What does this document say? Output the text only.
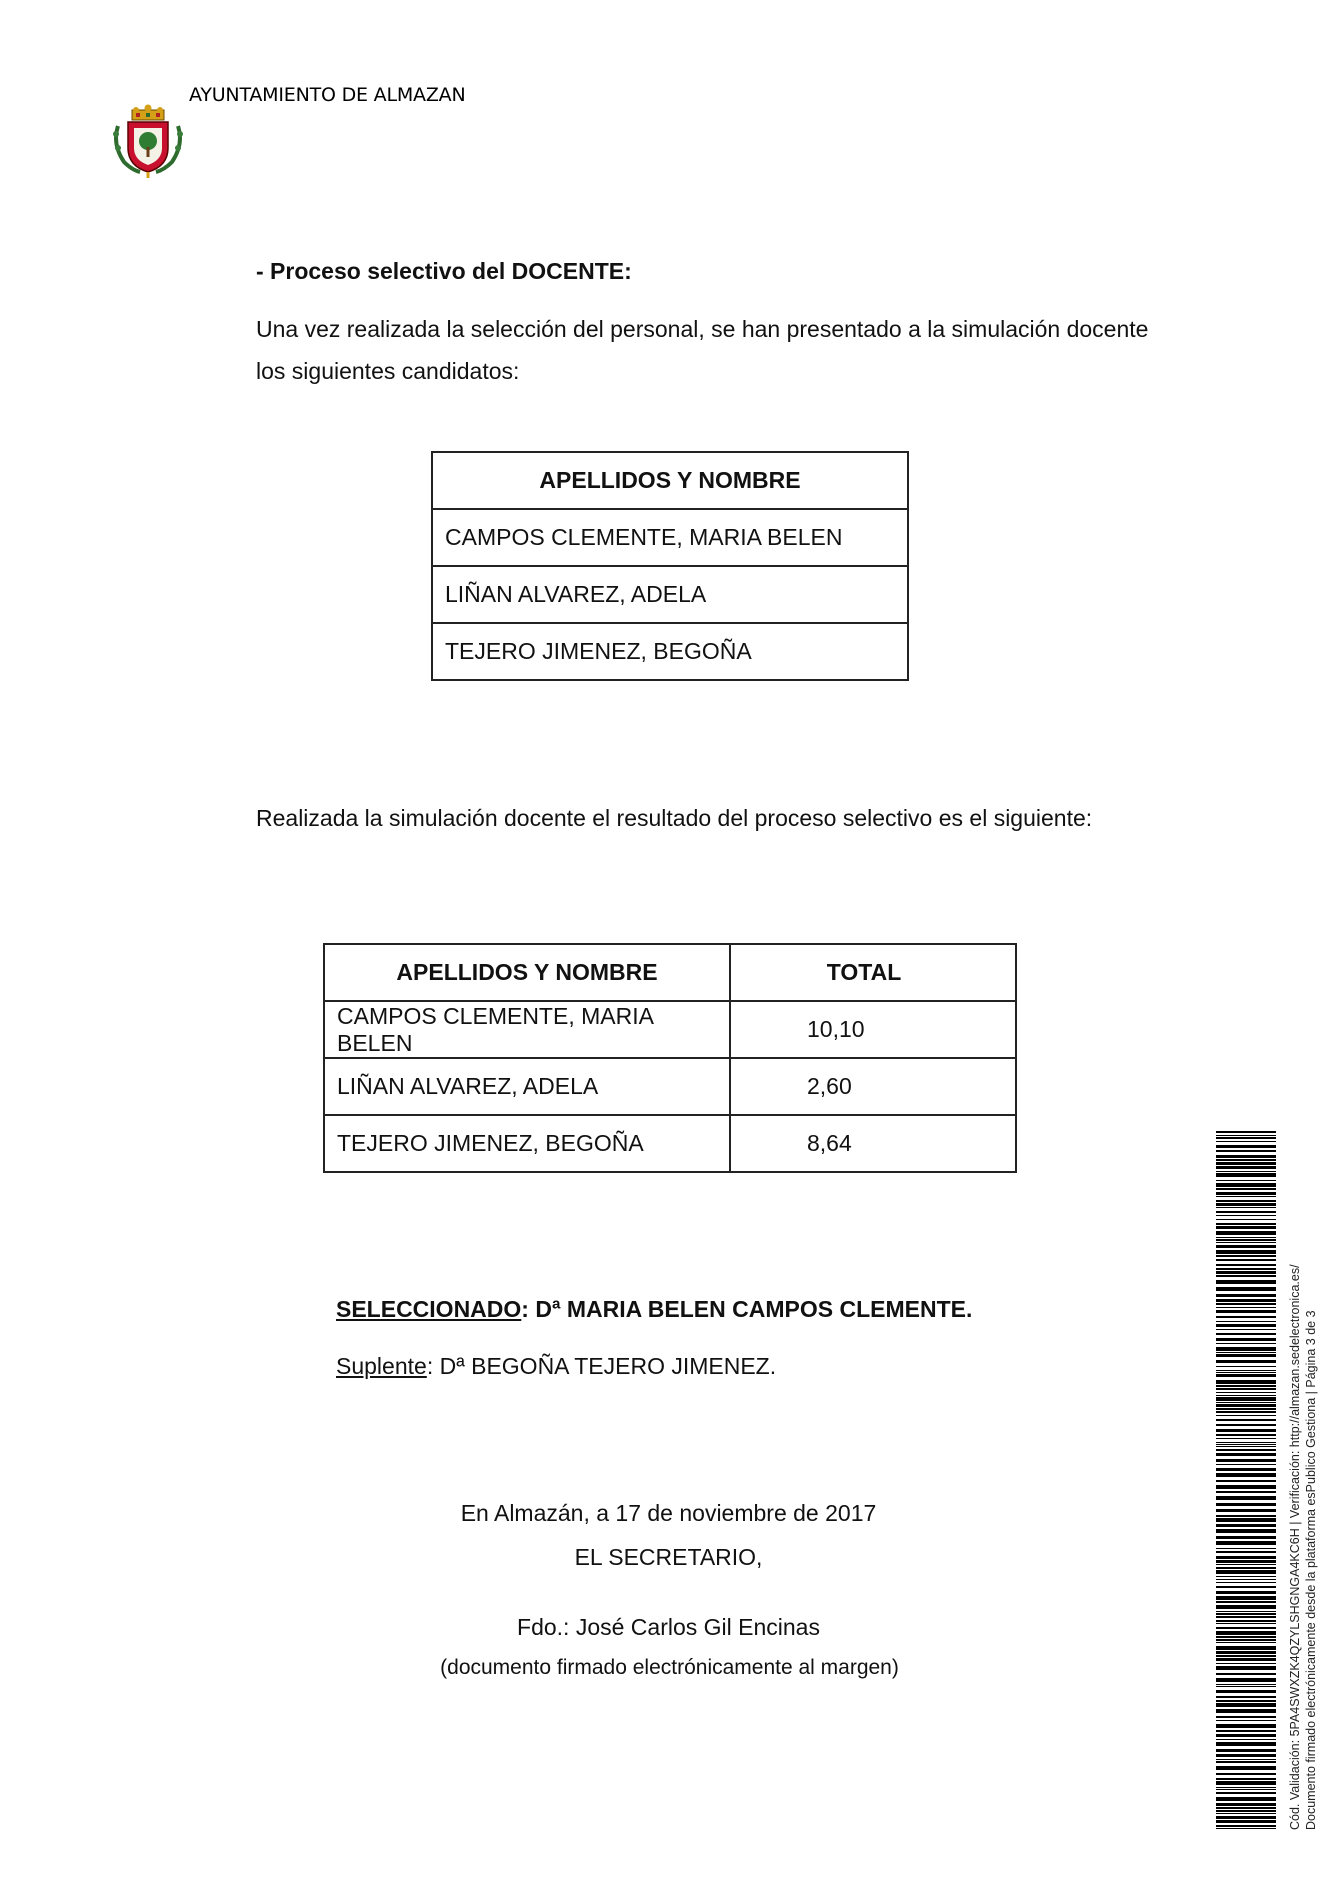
AYUNTAMIENTO DE ALMAZAN
- Proceso selectivo del DOCENTE:
Una vez realizada la selección del personal, se han presentado a la simulación docente los siguientes candidatos:
APELLIDOS Y NOMBRE
CAMPOS CLEMENTE, MARIA BELEN
LIÑAN ALVAREZ, ADELA
TEJERO JIMENEZ, BEGOÑA
Realizada la simulación docente el resultado del proceso selectivo es el siguiente:
APELLIDOS Y NOMBRE	TOTAL
CAMPOS CLEMENTE, MARIA BELEN	10,10
LIÑAN ALVAREZ, ADELA	2,60
TEJERO JIMENEZ, BEGOÑA	8,64
SELECCIONADO: Dª MARIA BELEN CAMPOS CLEMENTE.
Suplente: Dª BEGOÑA TEJERO JIMENEZ.
En Almazán, a 17 de noviembre de 2017
EL SECRETARIO,
Fdo.: José Carlos Gil Encinas
(documento firmado electrónicamente al margen)	Cód. Validación: 5PA4SWXZK4QZYLSHGNGA4KC6H | Verificación: http://almazan.sedelectronica.es/ Documento firmado electrónicamente desde la plataforma esPublico Gestiona | Página 3 de 3
